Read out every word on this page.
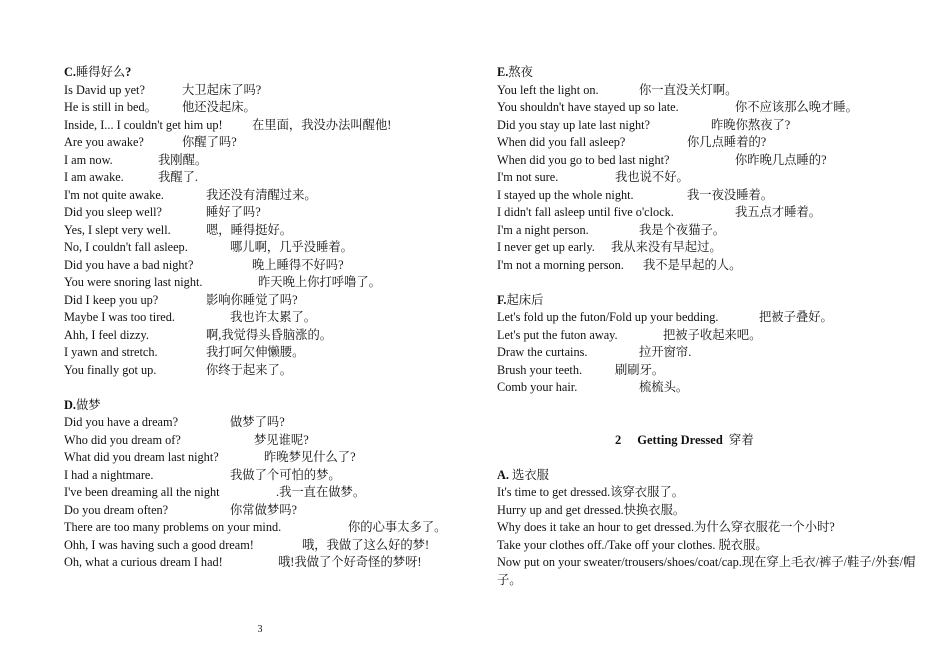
C.睡得好么?
Is David up yet?	大卫起床了吗?
He is still in bed。 他还没起床。
Inside, I... I couldn't get him up! 在里面，我没办法叫醒他!
Are you awake?	你醒了吗?
I am now.	我刚醒。
I am awake.	我醒了.
I'm not quite awake.	我还没有清醒过来。
Did you sleep well?	睡好了吗?
Yes, I slept very well.	嗯，睡得挺好。
No, I couldn't fall asleep.	哪儿啊，几乎没睡着。
Did you have a bad night?	晚上睡得不好吗?
You were snoring last night.	昨天晚上你打呼噜了。
Did I keep you up?	影响你睡觉了吗?
Maybe I was too tired.	我也许太累了。
Ahh, I feel dizzy.	啊,我觉得头昏脑涨的。
I yawn and stretch.	我打呵欠伸懒腰。
You finally got up.	你终于起来了。
D.做梦
Did you have a dream?	做梦了吗?
Who did you dream of?	梦见谁呢?
What did you dream last night?	昨晚梦见什么了?
I had a nightmare.	我做了个可怕的梦。
I've been dreaming all the night	.我一直在做梦。
Do you dream often?	你常做梦吗?
There are too many problems on your mind.	你的心事太多了。
Ohh, I was having such a good dream!	哦，我做了这么好的梦!
Oh, what a curious dream I had!	哦!我做了个好奇怪的梦呀!
E.熬夜
You left the light on.	你一直没关灯啊。
You shouldn't have stayed up so late.	你不应该那么晚才睡。
Did you stay up late last night?	昨晚你熬夜了?
When did you fall asleep?	你几点睡着的?
When did you go to bed last night?	你昨晚几点睡的?
I'm not sure.	我也说不好。
I stayed up the whole night.	我一夜没睡着。
I didn't fall asleep until five o'clock.	我五点才睡着。
I'm a night person.	我是个夜猫子。
I never get up early. 我从来没有早起过。
I'm not a morning person. 我不是早起的人。
F.起床后
Let's fold up the futon/Fold up your bedding.	把被子叠好。
Let's put the futon away.	把被子收起来吧。
Draw the curtains.	拉开窗帘.
Brush your teeth.	刷刷牙。
Comb your hair.	梳梳头。
2 Getting Dressed 穿着
A. 选衣服
It's time to get dressed.该穿衣服了。
Hurry up and get dressed.快换衣服。
Why does it take an hour to get dressed.为什么穿衣服花一个小时?
Take your clothes off./Take off your clothes. 脱衣服。
Now put on your sweater/trousers/shoes/coat/cap.现在穿上毛衣/裤子/鞋子/外套/帽子。
3
